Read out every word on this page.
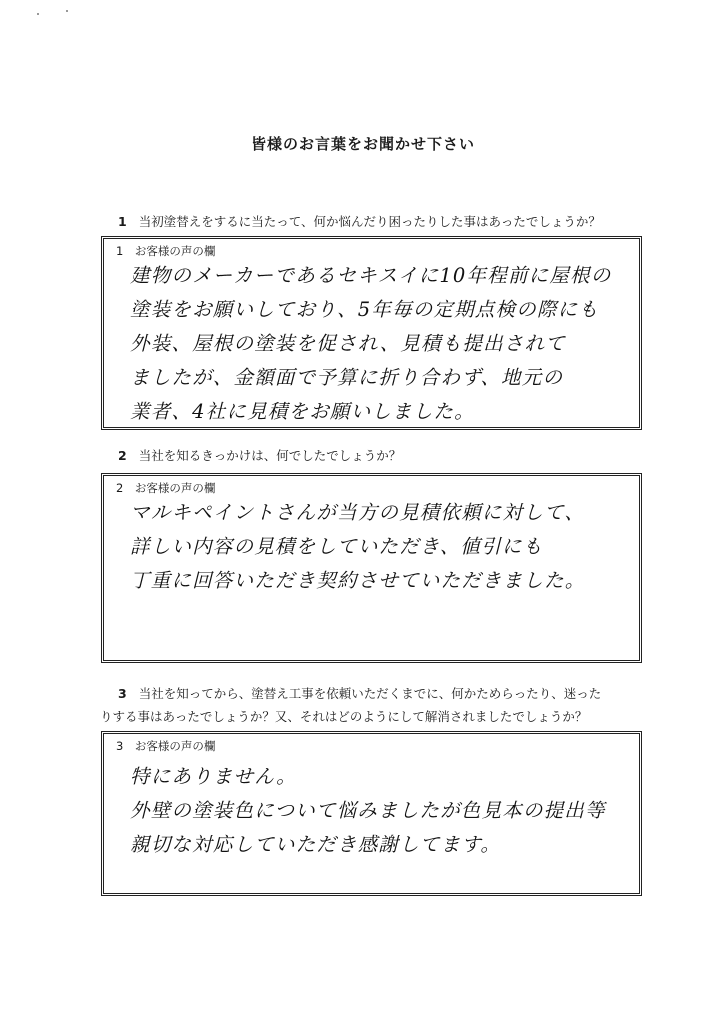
皆様のお言葉をお聞かせ下さい
1 当初塗替えをするに当たって、何か悩んだり困ったりした事はあったでしょうか？
1　お客様の声の欄
建物のメーカーであるセキスイに10年程前に屋根の
塗装をお願いしており、5年毎の定期点検の際にも
外装、屋根の塗装を促され、見積も提出されて
ましたが、金額面で予算に折り合わず、地元の
業者、4社に見積をお願いしました。
2 当社を知るきっかけは、何でしたでしょうか？
2　お客様の声の欄
マルキペイントさんが当方の見積依頼に対して、
詳しい内容の見積をしていただき、値引にも
丁重に回答いただき契約させていただきました。
3 当社を知ってから、塗替え工事を依頼いただくまでに、何かためらったり、迷った
りする事はあったでしょうか？又、それはどのようにして解消されましたでしょうか？
3　お客様の声の欄
特にありません。
外壁の塗装色について悩みましたが色見本の提出等
親切な対応していただき感謝してます。
